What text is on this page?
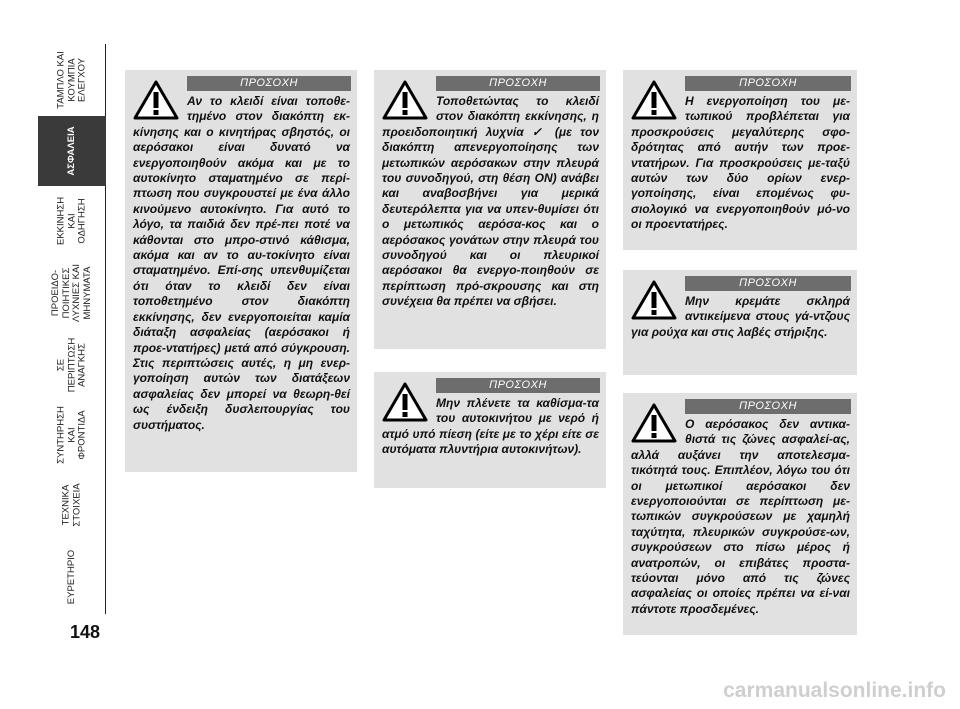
ΤΑΜΠΛΟ ΚΑΙ
ΚΟΥΜΠΙΑ
ΕΛΕΓΧΟΥ
ΑΣΦΑΛΕΙΑ
ΕΚΚΙΝΗΣΗ
ΚΑΙ
ΟΔΗΓΗΣΗ
ΠΡΟΕΙΔΟ-
ΠΟΙΗΤΙΚΕΣ
ΛΥΧΝΙΕΣ ΚΑΙ
ΜΗΝΥΜΑΤΑ
ΣΕ
ΠΕΡΙΠΤΩΣΗ
ΑΝΑΓΚΗΣ
ΣΥΝΤΗΡΗΣΗ
ΚΑΙ
ΦΡΟΝΤΙΔΑ
ΤΕΧΝΙΚΑ
ΣΤΟΙΧΕΙΑ
ΕΥΡΕΤΗΡΙΟ
148
ΠΡΟΣΟΧΗ
Αν το κλειδί είναι τοποθε-τημένο στον διακόπτη εκ-κίνησης και ο κινητήρας σβηστός, οι αερόσακοι είναι δυνατό να ενεργοποιηθούν ακόμα και με το αυτοκίνητο σταματημένο σε περί-πτωση που συγκρουστεί με ένα άλλο κινούμενο αυτοκίνητο. Για αυτό το λόγο, τα παιδιά δεν πρέ-πει ποτέ να κάθονται στο μπρο-στινό κάθισμα, ακόμα και αν το αυ-τοκίνητο είναι σταματημένο. Επί-σης υπενθυμίζεται ότι όταν το κλειδί δεν είναι τοποθετημένο στον διακόπτη εκκίνησης, δεν ενεργοποιείται καμία διάταξη ασφαλείας (αερόσακοι ή προε-ντατήρες) μετά από σύγκρουση. Στις περιπτώσεις αυτές, η μη ενερ-γοποίηση αυτών των διατάξεων ασφαλείας δεν μπορεί να θεωρη-θεί ως ένδειξη δυσλειτουργίας του συστήματος.
ΠΡΟΣΟΧΗ
Τοποθετώντας το κλειδί στον διακόπτη εκκίνησης, η προειδοποιητική λυχνία ✓ (με τον διακόπτη απενεργοποίησης των μετωπικών αερόσακων στην πλευρά του συνοδηγού, στη θέση ON) ανάβει και αναβοσβήνει για μερικά δευτερόλεπτα για να υπεν-θυμίσει ότι ο μετωπικός αερόσα-κος και ο αερόσακος γονάτων στην πλευρά του συνοδηγού και οι πλευρικοί αερόσακοι θα ενεργο-ποιηθούν σε περίπτωση πρό-σκρουσης και στη συνέχεια θα πρέπει να σβήσει.
ΠΡΟΣΟΧΗ
Μην πλένετε τα καθίσμα-τα του αυτοκινήτου με νερό ή ατμό υπό πίεση (είτε με το χέρι είτε σε αυτόματα πλυντήρια αυτοκινήτων).
ΠΡΟΣΟΧΗ
Η ενεργοποίηση του με-τωπικού προβλέπεται για προσκρούσεις μεγαλύτερης σφο-δρότητας από αυτήν των προε-ντατήρων. Για προσκρούσεις με-ταξύ αυτών των δύο ορίων ενερ-γοποίησης, είναι επομένως φυ-σιολογικό να ενεργοποιηθούν μό-νο οι προεντατήρες.
ΠΡΟΣΟΧΗ
Μην κρεμάτε σκληρά αντικείμενα στους γά-ντζους για ρούχα και στις λαβές στήριξης.
ΠΡΟΣΟΧΗ
Ο αερόσακος δεν αντικα-θιστά τις ζώνες ασφαλεί-ας, αλλά αυξάνει την αποτελεσμα-τικότητά τους. Επιπλέον, λόγω του ότι οι μετωπικοί αερόσακοι δεν ενεργοποιούνται σε περίπτωση με-τωπικών συγκρούσεων με χαμηλή ταχύτητα, πλευρικών συγκρούσε-ων, συγκρούσεων στο πίσω μέρος ή ανατροπών, οι επιβάτες προστα-τεύονται μόνο από τις ζώνες ασφαλείας οι οποίες πρέπει να εί-ναι πάντοτε προσδεμένες.
carmanualsonline.info
